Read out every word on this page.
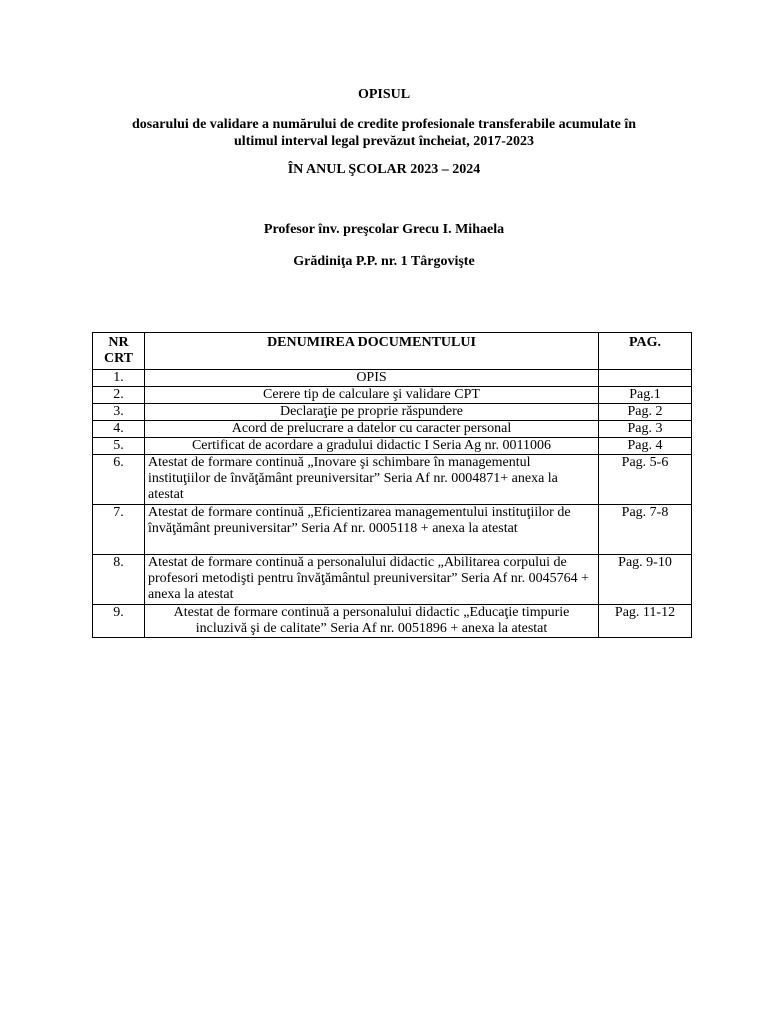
OPISUL
dosarului de validare a numărului de credite profesionale transferabile acumulate în
ultimul interval legal prevăzut încheiat, 2017-2023
ÎN ANUL ŞCOLAR 2023 – 2024
Profesor înv. preşcolar Grecu I. Mihaela
Grădiniţa P.P. nr. 1 Târgovişte
NR CRT	DENUMIREA DOCUMENTULUI	PAG.
1.	OPIS	
2.	Cerere tip de calculare şi validare CPT	Pag.1
3.	Declaraţie pe proprie răspundere	Pag. 2
4.	Acord de prelucrare a datelor cu caracter personal	Pag. 3
5.	Certificat de acordare a gradului didactic I Seria Ag nr. 0011006	Pag. 4
6.	Atestat de formare continuă „Inovare şi schimbare în managementul instituţiilor de învăţământ preuniversitar” Seria Af nr. 0004871+ anexa la atestat	Pag. 5-6
7.	Atestat de formare continuă „Eficientizarea managementului instituţiilor de învăţământ preuniversitar” Seria Af nr. 0005118 + anexa la atestat	Pag. 7-8
8.	Atestat de formare continuă a personalului didactic „Abilitarea corpului de profesori metodişti pentru învăţământul preuniversitar” Seria Af nr. 0045764 + anexa la atestat	Pag. 9-10
9.	Atestat de formare continuă a personalului didactic „Educaţie timpurie incluzivă şi de calitate” Seria Af nr. 0051896 + anexa la atestat	Pag. 11-12
